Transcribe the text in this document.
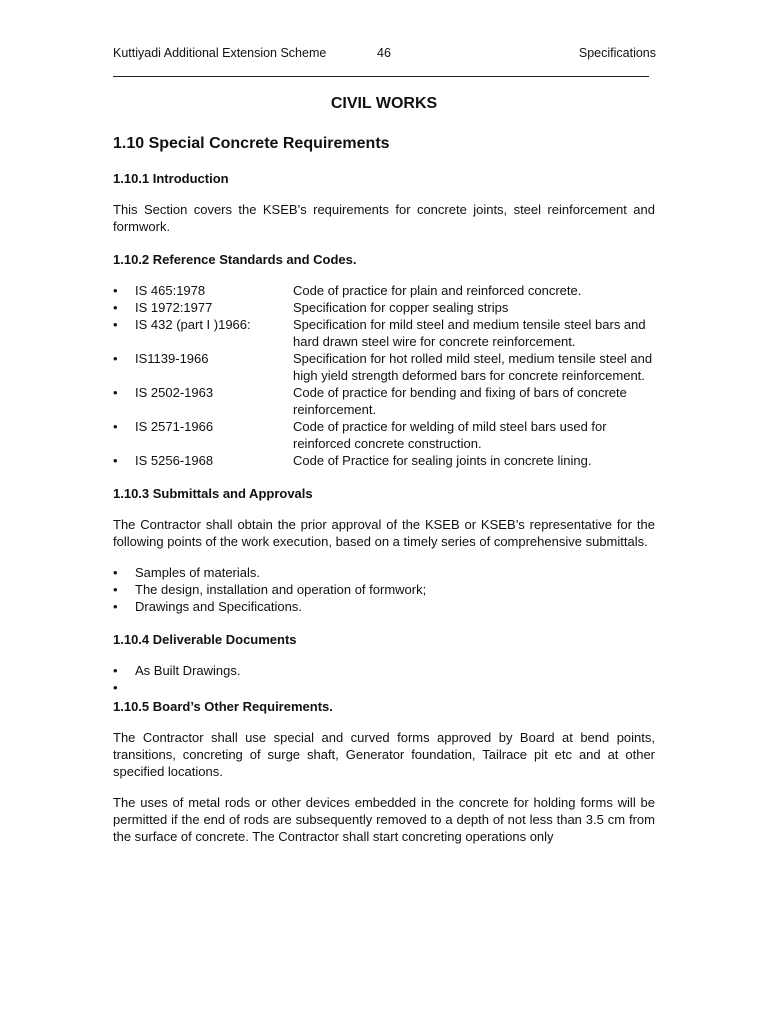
Kuttiyadi Additional Extension Scheme	46	Specifications
CIVIL WORKS
1.10 Special Concrete Requirements
1.10.1 Introduction
This Section covers the KSEB’s requirements for concrete joints, steel reinforcement and formwork.
1.10.2 Reference Standards and Codes.
• IS 465:1978	Code of practice for plain and reinforced concrete.
• IS 1972:1977	Specification for copper sealing strips
• IS 432 (part I )1966:	Specification for mild steel and medium tensile steel bars and hard drawn steel wire for concrete reinforcement.
• IS1139-1966	Specification for hot rolled mild steel, medium tensile steel and high yield strength deformed bars for concrete reinforcement.
• IS 2502-1963	Code of practice for bending and fixing of bars of concrete reinforcement.
• IS 2571-1966	Code of practice for welding of mild steel bars used for reinforced concrete construction.
• IS 5256-1968	Code of Practice for sealing joints in concrete lining.
1.10.3 Submittals and Approvals
The Contractor shall obtain the prior approval of the KSEB or KSEB’s representative for the following points of the work execution, based on a timely series of comprehensive submittals.
• Samples of materials.
• The design, installation and operation of formwork;
• Drawings and Specifications.
1.10.4 Deliverable Documents
• As Built Drawings.
•

1.10.5 Board’s Other Requirements.
The Contractor shall use special and curved forms approved by Board at bend points, transitions, concreting of surge shaft, Generator foundation, Tailrace pit etc and at other specified locations.
The uses of metal rods or other devices embedded in the concrete for holding forms will be permitted if the end of rods are subsequently removed to a depth of not less than 3.5 cm from the surface of concrete. The Contractor shall start concreting operations only
